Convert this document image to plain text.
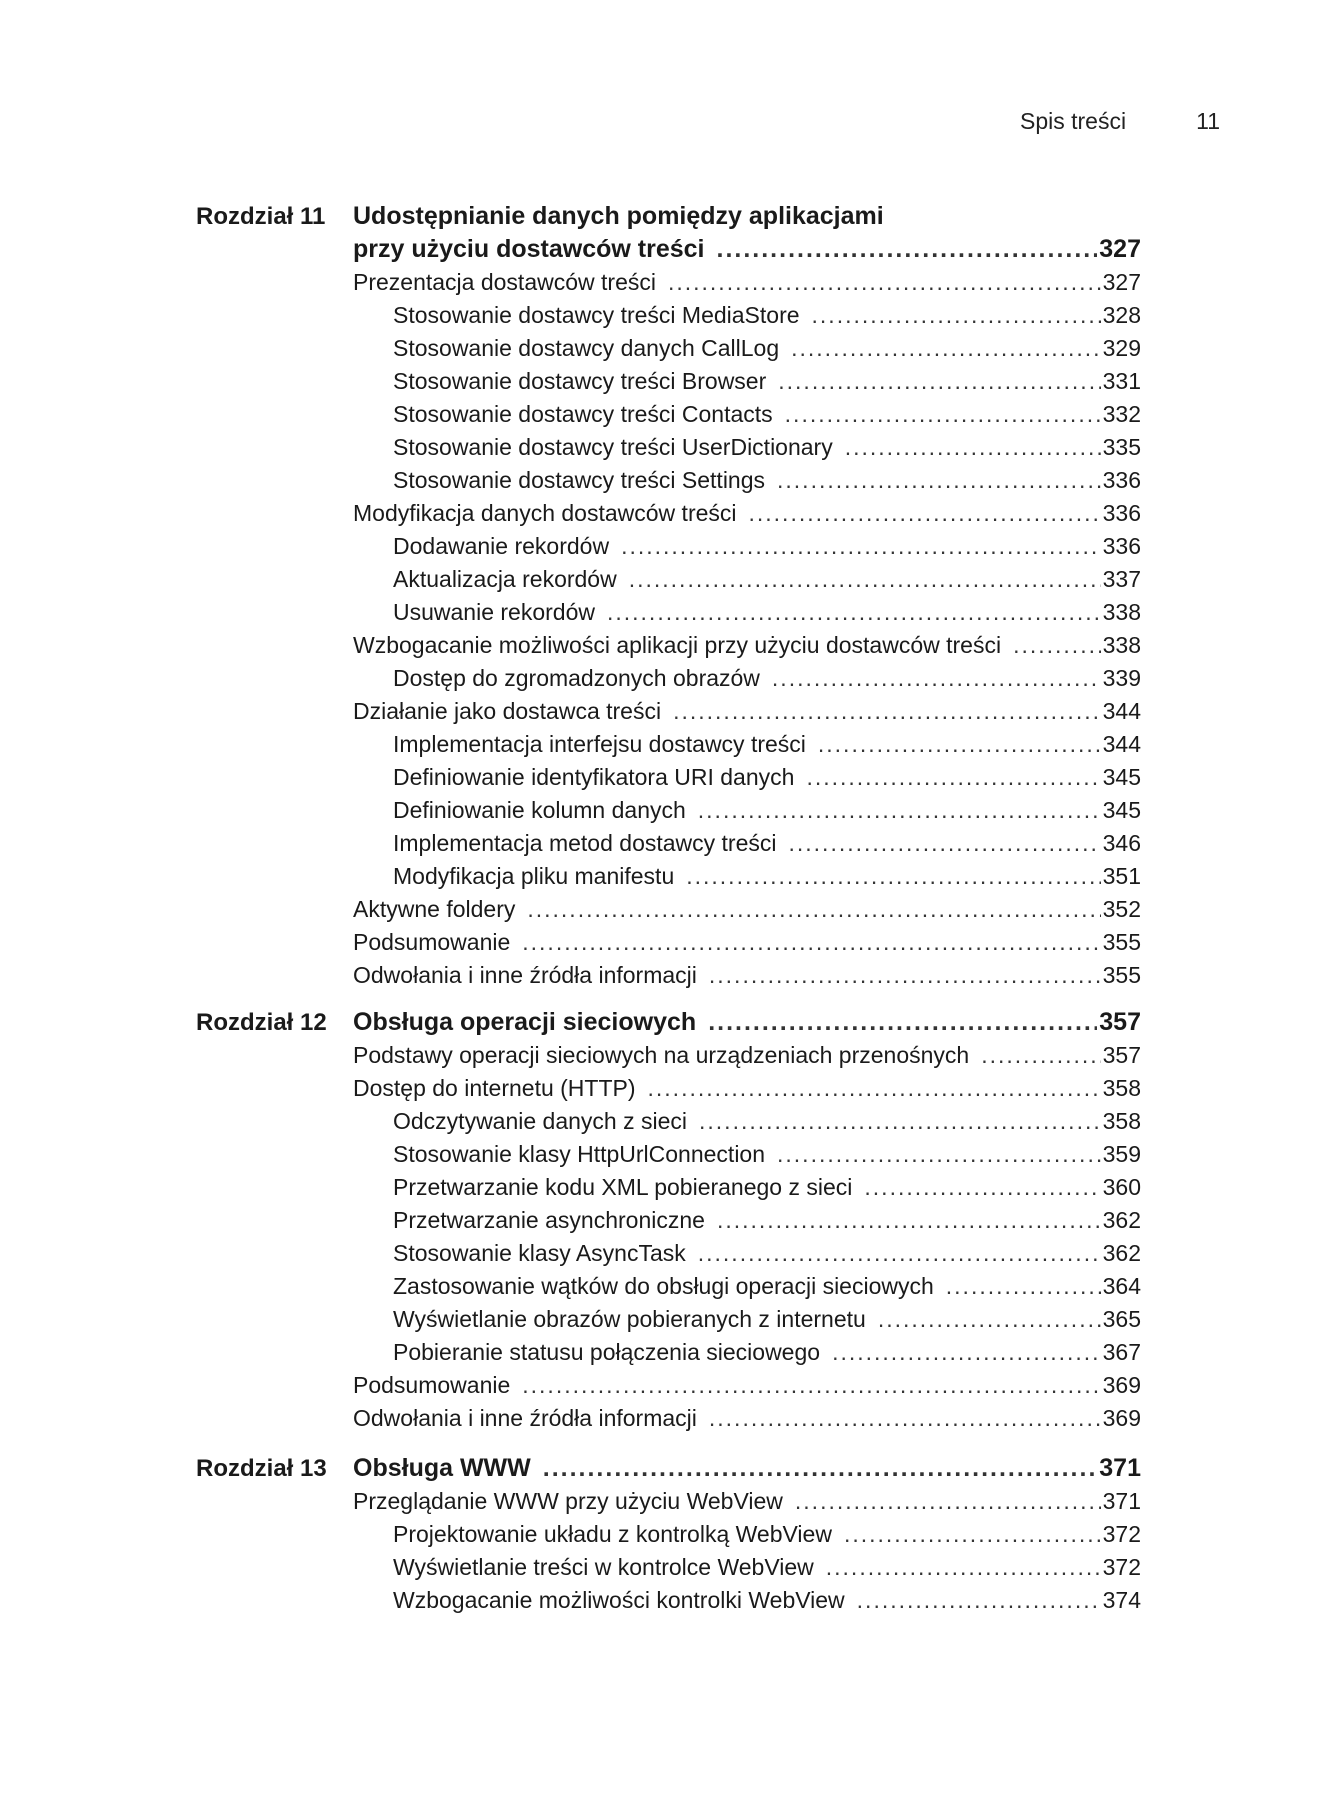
Spis treści	11
Rozdział 11 Udostępnianie danych pomiędzy aplikacjami
przy użyciu dostawców treści .....	327
Prezentacja dostawców treści .....	327
Stosowanie dostawcy treści MediaStore .....	328
Stosowanie dostawcy danych CallLog .....	329
Stosowanie dostawcy treści Browser .....	331
Stosowanie dostawcy treści Contacts .....	332
Stosowanie dostawcy treści UserDictionary .....	335
Stosowanie dostawcy treści Settings .....	336
Modyfikacja danych dostawców treści .....	336
Dodawanie rekordów .....	336
Aktualizacja rekordów .....	337
Usuwanie rekordów .....	338
Wzbogacanie możliwości aplikacji przy użyciu dostawców treści .....	338
Dostęp do zgromadzonych obrazów .....	339
Działanie jako dostawca treści .....	344
Implementacja interfejsu dostawcy treści .....	344
Definiowanie identyfikatora URI danych .....	345
Definiowanie kolumn danych .....	345
Implementacja metod dostawcy treści .....	346
Modyfikacja pliku manifestu .....	351
Aktywne foldery .....	352
Podsumowanie .....	355
Odwołania i inne źródła informacji .....	355
Rozdział 12 Obsługa operacji sieciowych .....	357
Podstawy operacji sieciowych na urządzeniach przenośnych .....	357
Dostęp do internetu (HTTP) .....	358
Odczytywanie danych z sieci .....	358
Stosowanie klasy HttpUrlConnection .....	359
Przetwarzanie kodu XML pobieranego z sieci .....	360
Przetwarzanie asynchroniczne .....	362
Stosowanie klasy AsyncTask .....	362
Zastosowanie wątków do obsługi operacji sieciowych .....	364
Wyświetlanie obrazów pobieranych z internetu .....	365
Pobieranie statusu połączenia sieciowego .....	367
Podsumowanie .....	369
Odwołania i inne źródła informacji .....	369
Rozdział 13 Obsługa WWW .....	371
Przeglądanie WWW przy użyciu WebView .....	371
Projektowanie układu z kontrolką WebView .....	372
Wyświetlanie treści w kontrolce WebView .....	372
Wzbogacanie możliwości kontrolki WebView .....	374
